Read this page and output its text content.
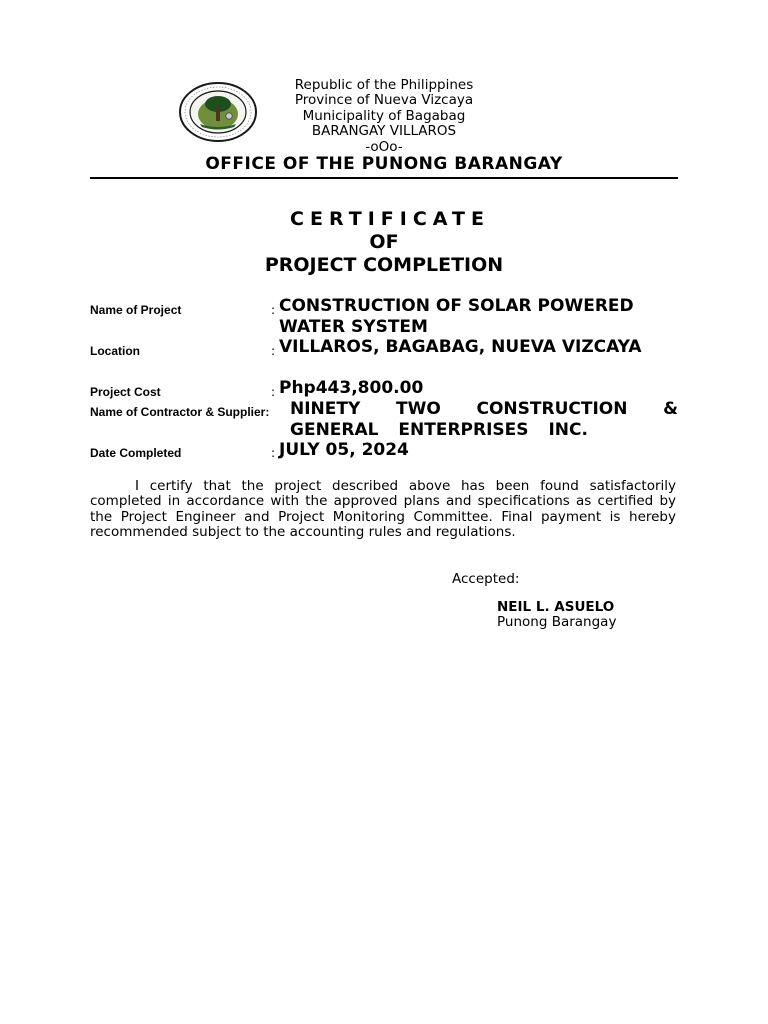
Republic of the Philippines
Province of Nueva Vizcaya
Municipality of Bagabag
BARANGAY VILLAROS
-oOo-
OFFICE OF THE PUNONG BARANGAY
CERTIFICATE
OF
PROJECT COMPLETION
Name of Project	: CONSTRUCTION OF SOLAR POWERED WATER SYSTEM
Location	: VILLAROS, BAGABAG, NUEVA VIZCAYA
Project Cost	: Php443,800.00
Name of Contractor & Supplier:	NINETY TWO CONSTRUCTION & GENERAL ENTERPRISES INC.
Date Completed	: JULY 05, 2024
I certify that the project described above has been found satisfactorily completed in accordance with the approved plans and specifications as certified by the Project Engineer and Project Monitoring Committee. Final payment is hereby recommended subject to the accounting rules and regulations.
Accepted:
NEIL L. ASUELO
Punong Barangay
